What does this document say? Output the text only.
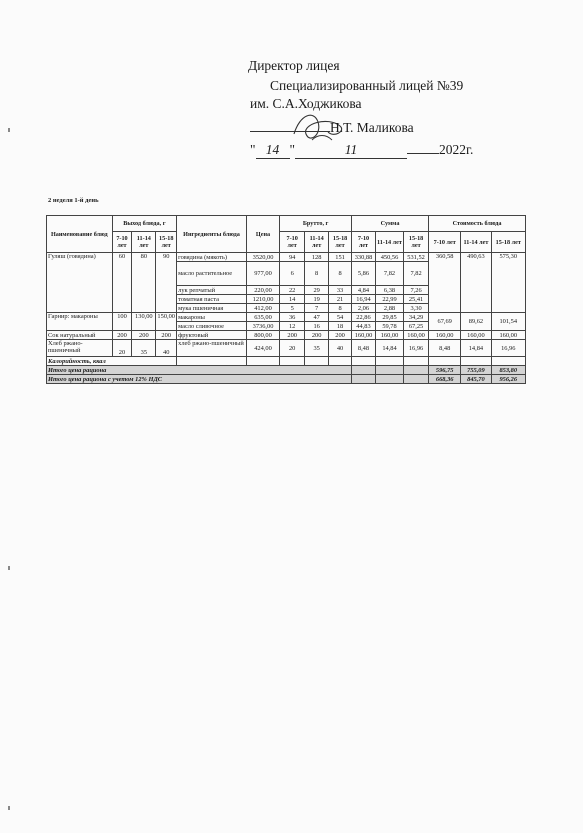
Директор лицея
Специализированный лицей №39
им. С.А.Ходжикова
Н.Т. Маликова
" 14 "	11	2022г.
2 неделя 1-й день
Наименование блюд	Выход блюда, г			Ингредиенты блюда	Цена	Брутто, г			Сумма			Стоимость блюда		
	7-10 лет	11-14 лет	15-18 лет			7-10 лет	11-14 лет	15-18 лет	7-10 лет	11-14 лет	15-18 лет	7-10 лет	11-14 лет	15-18 лет
Гуляш (говядина)	60	80	90	говядина (мякоть)	3520,00	94	128	151	330,88	450,56	531,52	360,58	490,63	575,30
				масло растительное	977,00	6	8	8	5,86	7,82	7,82			
				лук репчатый	220,00	22	29	33	4,84	6,38	7,26			
				томатная паста	1210,00	14	19	21	16,94	22,99	25,41			
				мука пшеничная	412,00	5	7	8	2,06	2,88	3,30			
Гарнир: макароны	100	130,00	150,00	макароны	635,00	36	47	54	22,86	29,85	34,29	67,69	89,62	101,54
				масло сливочное	3736,00	12	16	18	44,83	59,78	67,25			
Сок натуральный	200	200	200	фруктовый	800,00	200	200	200	160,00	160,00	160,00	160,00	160,00	160,00
Хлеб ржано-пшеничный	20	35	40	хлеб ржано-пшеничный	424,00	20	35	40	8,48	14,84	16,96	8,48	14,84	16,96
Калорийность, ккал														
Итого цена рациона												596,75	755,09	853,80
Итого цена рациона с учетом 12% НДС												668,36	845,70	956,26
